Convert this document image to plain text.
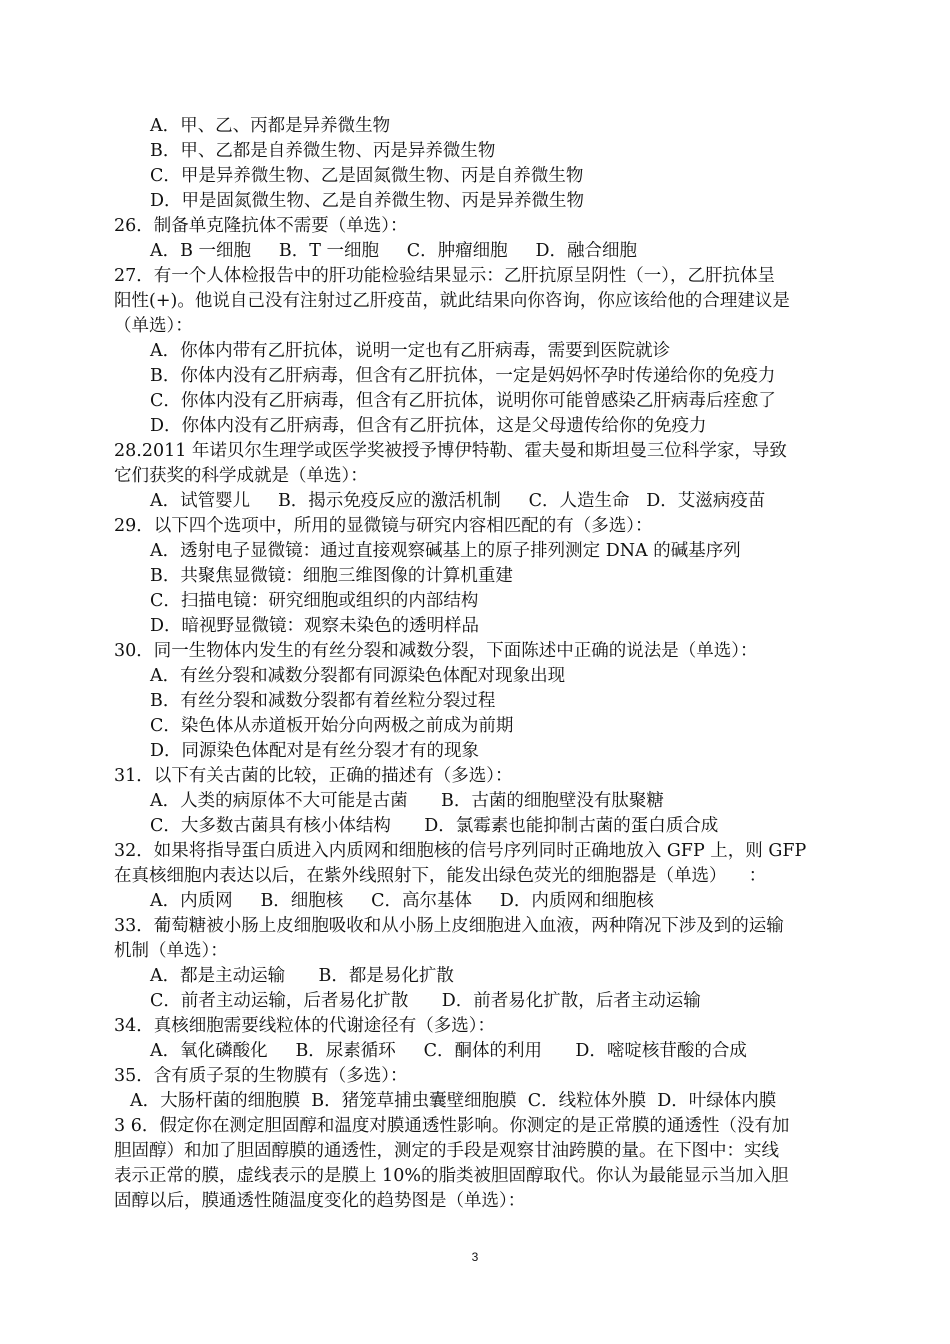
A．甲、乙、丙都是异养微生物
B．甲、乙都是自养微生物、丙是异养微生物
C．甲是异养微生物、乙是固氮微生物、丙是自养微生物
D．甲是固氮微生物、乙是自养微生物、丙是异养微生物
26．制备单克隆抗体不需要（单选）：
A．B 一细胞     B．T 一细胞     C．肿瘤细胞     D．融合细胞
27．有一个人体检报告中的肝功能检验结果显示：乙肝抗原呈阴性（一），乙肝抗体呈
阳性(+)。他说自己没有注射过乙肝疫苗，就此结果向你咨询，你应该给他的合理建议是
（单选）：
A．你体内带有乙肝抗体，说明一定也有乙肝病毒，需要到医院就诊
B．你体内没有乙肝病毒，但含有乙肝抗体，一定是妈妈怀孕时传递给你的免疫力
C．你体内没有乙肝病毒，但含有乙肝抗体，说明你可能曾感染乙肝病毒后痊愈了
D．你体内没有乙肝病毒，但含有乙肝抗体，这是父母遗传给你的免疫力
28.2011 年诺贝尔生理学或医学奖被授予博伊特勒、霍夫曼和斯坦曼三位科学家，导致
它们获奖的科学成就是（单选）：
A．试管婴儿     B．揭示免疫反应的激活机制     C．人造生命   D．艾滋病疫苗
29．以下四个选项中，所用的显微镜与研究内容相匹配的有（多选）：
A．透射电子显微镜：通过直接观察碱基上的原子排列测定 DNA 的碱基序列
B．共聚焦显微镜：细胞三维图像的计算机重建
C．扫描电镜：研究细胞或组织的内部结构
D．暗视野显微镜：观察未染色的透明样品
30．同一生物体内发生的有丝分裂和减数分裂，下面陈述中正确的说法是（单选）：
A．有丝分裂和减数分裂都有同源染色体配对现象出现
B．有丝分裂和减数分裂都有着丝粒分裂过程
C．染色体从赤道板开始分向两极之前成为前期
D．同源染色体配对是有丝分裂才有的现象
31．以下有关古菌的比较，正确的描述有（多选）：
A．人类的病原体不大可能是古菌      B．古菌的细胞壁没有肽聚糖
C．大多数古菌具有核小体结构      D．氯霉素也能抑制古菌的蛋白质合成
32．如果将指导蛋白质进入内质网和细胞核的信号序列同时正确地放入 GFP 上，则 GFP
在真核细胞内表达以后，在紫外线照射下，能发出绿色荧光的细胞器是（单选）    ：
A．内质网     B．细胞核     C．高尔基体     D．内质网和细胞核
33．葡萄糖被小肠上皮细胞吸收和从小肠上皮细胞进入血液，两种隋况下涉及到的运输
机制（单选）：
A．都是主动运输      B．都是易化扩散
C．前者主动运输，后者易化扩散      D．前者易化扩散，后者主动运输
34．真核细胞需要线粒体的代谢途径有（多选）：
A．氧化磷酸化     B．尿素循环     C．酮体的利用      D．嘧啶核苷酸的合成
35．含有质子泵的生物膜有（多选）：
A．大肠杆菌的细胞膜  B．猪笼草捕虫囊壁细胞膜  C．线粒体外膜  D．叶绿体内膜
3 6．假定你在测定胆固醇和温度对膜通透性影响。你测定的是正常膜的通透性（没有加
胆固醇）和加了胆固醇膜的通透性，测定的手段是观察甘油跨膜的量。在下图中：实线
表示正常的膜，虚线表示的是膜上 10%的脂类被胆固醇取代。你认为最能显示当加入胆
固醇以后，膜通透性随温度变化的趋势图是（单选）：
3
